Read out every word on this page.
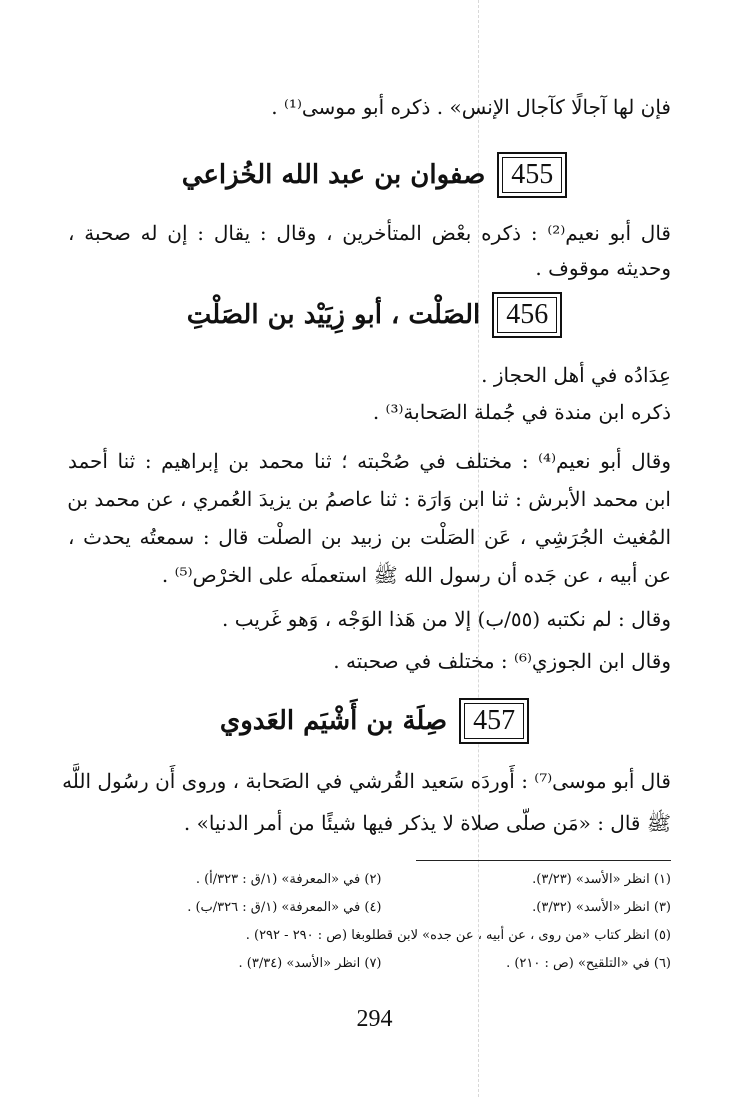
فإن لها آجالًا كآجال الإنس» . ذكره أبو موسى⁽¹⁾ .
455
صفوان بن عبد الله الخُزاعي
قال أبو نعيم⁽²⁾ : ذكره بعْض المتأخرين ، وقال : يقال : إن له صحبة ،
وحديثه موقوف .
456
الصَلْت ، أبو زِيَيْد بن الصَلْتِ
عِدَادُه في أهل الحجاز .
ذكره ابن مندة في جُملة الصَحابة⁽³⁾ .
وقال أبو نعيم⁽⁴⁾ : مختلف في صُحْبته ؛ ثنا محمد بن إبراهيم : ثنا أحمد
ابن محمد الأبرش : ثنا ابن وَارَة : ثنا عاصمُ بن يزيدَ العُمري ، عن محمد بن
المُغيث الجُرَشِي ، عَن الصَلْت بن زبيد بن الصلْت قال : سمعتُه يحدث ،
عن أبيه ، عن جَده أن رسول الله ﷺ استعملَه على الخرْص⁽⁵⁾ .
وقال : لم نكتبه (٥٥/ب) إلا من هَذا الوَجْه ، وَهو غَريب .
وقال ابن الجوزي⁽⁶⁾ : مختلف في صحبته .
457
صِلَة بن أَشْيَم العَدوي
قال أبو موسى⁽⁷⁾ : أَوردَه سَعيد القُرشي في الصَحابة ، وروى أَن رسُول اللَّه
ﷺ قال : «مَن صلّى صلاة لا يذكر فيها شيئًا من أمر الدنيا» .
(١) انظر «الأسد» (٣/٢٣).
(٢) في «المعرفة» (١/ق : ٣٢٣/أ) .
(٣) انظر «الأسد» (٣/٣٢).
(٤) في «المعرفة» (١/ق : ٣٢٦/ب) .
(٥) انظر كتاب «من روى ، عن أبيه ، عن جده» لابن قطلوبغا (ص : ٢٩٠ - ٢٩٢) .
(٦) في «التلقيح» (ص : ٢١٠) .
(٧) انظر «الأسد» (٣/٣٤) .
294
